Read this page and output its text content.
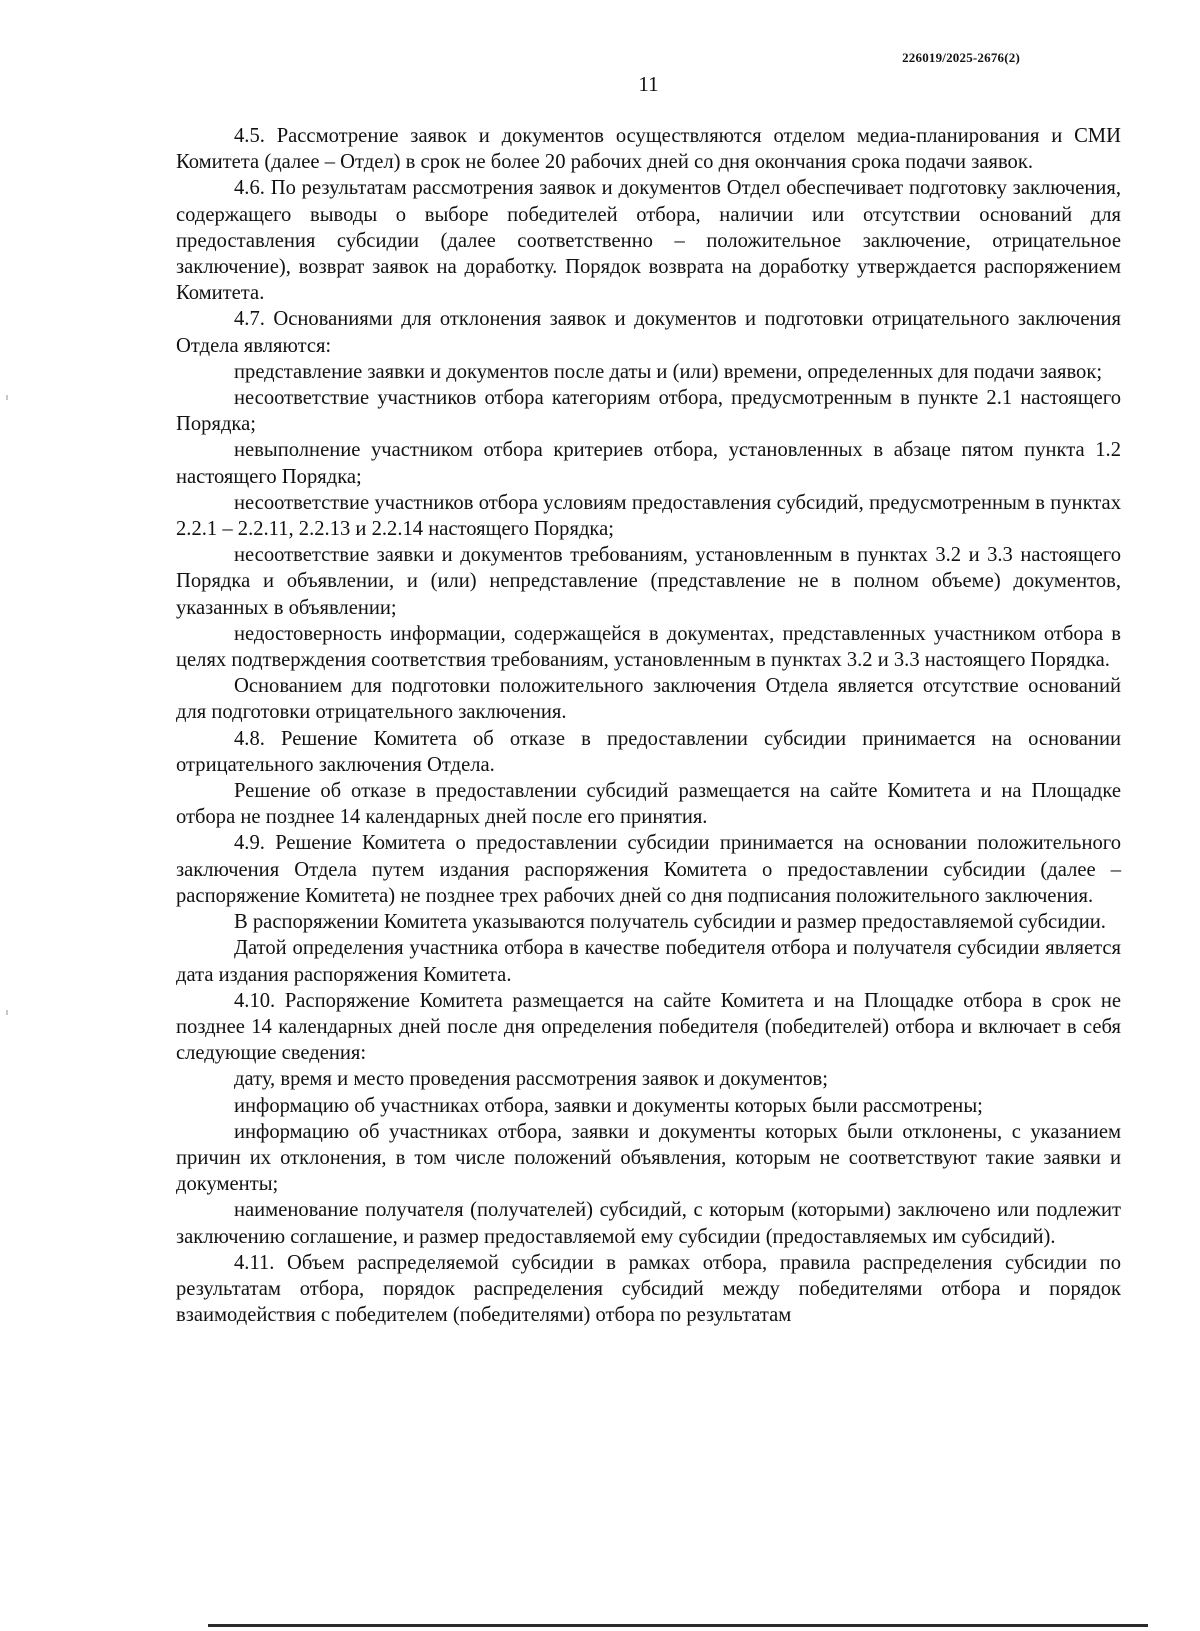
226019/2025-2676(2)
11

4.5. Рассмотрение заявок и документов осуществляются отделом медиа-планирования и СМИ Комитета (далее – Отдел) в срок не более 20 рабочих дней со дня окончания срока подачи заявок.

4.6. По результатам рассмотрения заявок и документов Отдел обеспечивает подготовку заключения, содержащего выводы о выборе победителей отбора, наличии или отсутствии оснований для предоставления субсидии (далее соответственно – положительное заключение, отрицательное заключение), возврат заявок на доработку. Порядок возврата на доработку утверждается распоряжением Комитета.

4.7. Основаниями для отклонения заявок и документов и подготовки отрицательного заключения Отдела являются:

представление заявки и документов после даты и (или) времени, определенных для подачи заявок;

несоответствие участников отбора категориям отбора, предусмотренным в пункте 2.1 настоящего Порядка;

невыполнение участником отбора критериев отбора, установленных в абзаце пятом пункта 1.2 настоящего Порядка;

несоответствие участников отбора условиям предоставления субсидий, предусмотренным в пунктах 2.2.1 – 2.2.11, 2.2.13 и 2.2.14 настоящего Порядка;

несоответствие заявки и документов требованиям, установленным в пунктах 3.2 и 3.3 настоящего Порядка и объявлении, и (или) непредставление (представление не в полном объеме) документов, указанных в объявлении;

недостоверность информации, содержащейся в документах, представленных участником отбора в целях подтверждения соответствия требованиям, установленным в пунктах 3.2 и 3.3 настоящего Порядка.

Основанием для подготовки положительного заключения Отдела является отсутствие оснований для подготовки отрицательного заключения.

4.8. Решение Комитета об отказе в предоставлении субсидии принимается на основании отрицательного заключения Отдела.

Решение об отказе в предоставлении субсидий размещается на сайте Комитета и на Площадке отбора не позднее 14 календарных дней после его принятия.

4.9. Решение Комитета о предоставлении субсидии принимается на основании положительного заключения Отдела путем издания распоряжения Комитета о предоставлении субсидии (далее – распоряжение Комитета) не позднее трех рабочих дней со дня подписания положительного заключения.

В распоряжении Комитета указываются получатель субсидии и размер предоставляемой субсидии.

Датой определения участника отбора в качестве победителя отбора и получателя субсидии является дата издания распоряжения Комитета.

4.10. Распоряжение Комитета размещается на сайте Комитета и на Площадке отбора в срок не позднее 14 календарных дней после дня определения победителя (победителей) отбора и включает в себя следующие сведения:

дату, время и место проведения рассмотрения заявок и документов;

информацию об участниках отбора, заявки и документы которых были рассмотрены;

информацию об участниках отбора, заявки и документы которых были отклонены, с указанием причин их отклонения, в том числе положений объявления, которым не соответствуют такие заявки и документы;

наименование получателя (получателей) субсидий, с которым (которыми) заключено или подлежит заключению соглашение, и размер предоставляемой ему субсидии (предоставляемых им субсидий).

4.11. Объем распределяемой субсидии в рамках отбора, правила распределения субсидии по результатам отбора, порядок распределения субсидий между победителями отбора и порядок взаимодействия с победителем (победителями) отбора по результатам
